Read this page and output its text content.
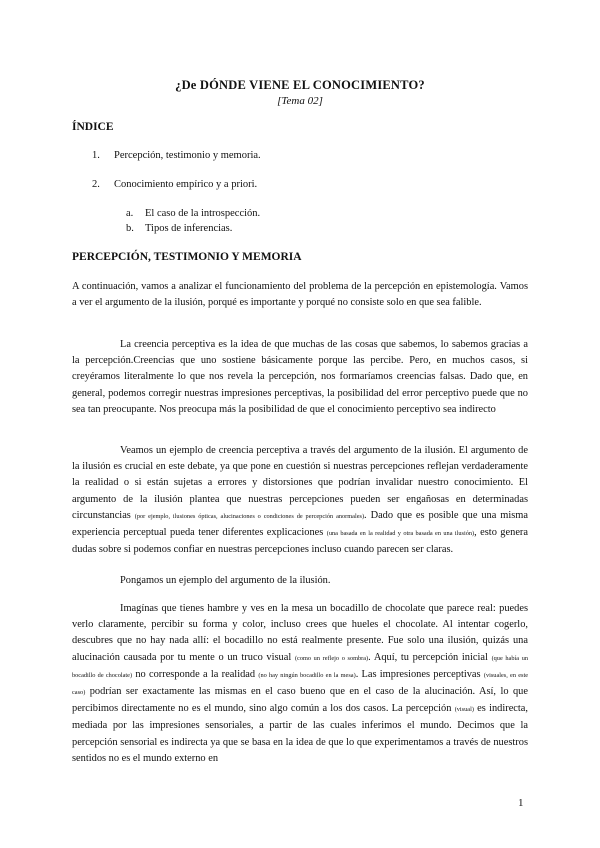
¿De DÓNDE VIENE EL CONOCIMIENTO?
[Tema 02]
ÍNDICE
1. Percepción, testimonio y memoria.
2. Conocimiento empírico y a priori.
a. El caso de la introspección.
b. Tipos de inferencias.
PERCEPCIÓN, TESTIMONIO Y MEMORIA
A continuación, vamos a analizar el funcionamiento del problema de la percepción en epistemología. Vamos a ver el argumento de la ilusión, porqué es importante y porqué no consiste solo en que sea falible.
La creencia perceptiva es la idea de que muchas de las cosas que sabemos, lo sabemos gracias a la percepción.Creencias que uno sostiene básicamente porque las percibe. Pero, en muchos casos, si creyéramos literalmente lo que nos revela la percepción, nos formaríamos creencias falsas. Dado que, en general, podemos corregir nuestras impresiones perceptivas, la posibilidad del error perceptivo puede que no sea tan preocupante. Nos preocupa más la posibilidad de que el conocimiento perceptivo sea indirecto
Veamos un ejemplo de creencia perceptiva a través del argumento de la ilusión. El argumento de la ilusión es crucial en este debate, ya que pone en cuestión si nuestras percepciones reflejan verdaderamente la realidad o si están sujetas a errores y distorsiones que podrían invalidar nuestro conocimiento. El argumento de la ilusión plantea que nuestras percepciones pueden ser engañosas en determinadas circunstancias (por ejemplo, ilusiones ópticas, alucinaciones o condiciones de percepción anormales). Dado que es posible que una misma experiencia perceptual pueda tener diferentes explicaciones (una basada en la realidad y otra basada en una ilusión), esto genera dudas sobre si podemos confiar en nuestras percepciones incluso cuando parecen ser claras.
Pongamos un ejemplo del argumento de la ilusión.
Imagínas que tienes hambre y ves en la mesa un bocadillo de chocolate que parece real: puedes verlo claramente, percibir su forma y color, incluso crees que hueles el chocolate. Al intentar cogerlo, descubres que no hay nada allí: el bocadillo no está realmente presente. Fue solo una ilusión, quizás una alucinación causada por tu mente o un truco visual (como un reflejo o sombra). Aquí, tu percepción inicial (que había un bocadillo de chocolate) no corresponde a la realidad (no hay ningún bocadillo en la mesa). Las impresiones perceptivas (visuales, en este caso) podrían ser exactamente las mismas en el caso bueno que en el caso de la alucinación. Así, lo que percibimos directamente no es el mundo, sino algo común a los dos casos. La percepción (visual) es indirecta, mediada por las impresiones sensoriales, a partir de las cuales inferimos el mundo. Decimos que la percepción sensorial es indirecta ya que se basa en la idea de que lo que experimentamos a través de nuestros sentidos no es el mundo externo en
1
